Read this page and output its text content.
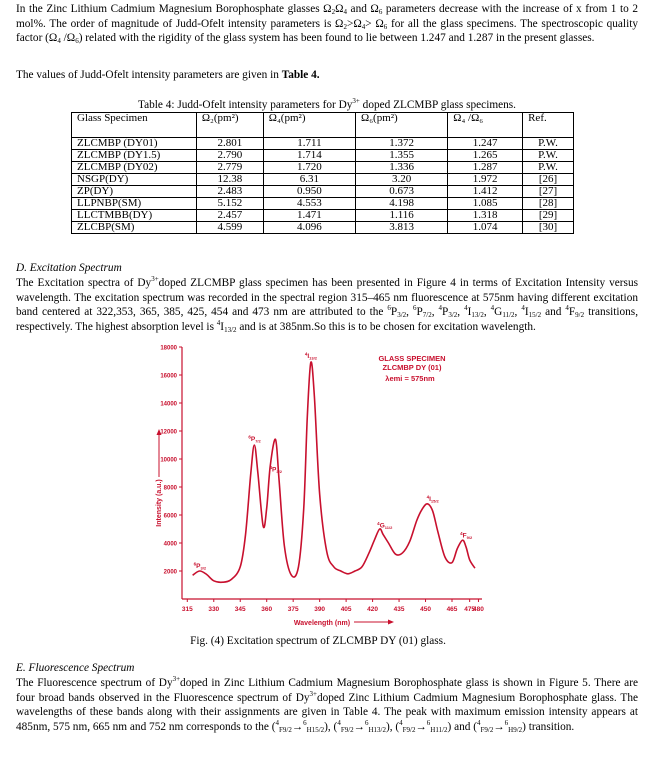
In the Zinc Lithium Cadmium Magnesium Borophosphate glasses $\Omega_2\Omega_4$ and $\Omega_6$ parameters decrease with the increase of x from 1 to 2 mol%. The order of magnitude of Judd-Ofelt intensity parameters is $\Omega_2>\Omega_4> \Omega_6$ for all the glass specimens. The spectroscopic quality factor ($\Omega_4$ $/\Omega_6$) related with the rigidity of the glass system has been found to lie between 1.247 and 1.287 in the present glasses.

The values of Judd-Ofelt intensity parameters are given in Table 4.

Table 4: Judd-Ofelt intensity parameters for $Dy^{3+}$ doped ZLCMBP glass specimens.

Glass Specimen	Ω₂(pm²)	Ω₄(pm²)	Ω₆(pm²)	Ω₄ /Ω₆	Ref.
ZLCMBP (DY01)	2.801	1.711	1.372	1.247	P.W.
ZLCMBP (DY1.5)	2.790	1.714	1.355	1.265	P.W.
ZLCMBP (DY02)	2.779	1.720	1.336	1.287	P.W.
NSGP(DY)	12.38	6.31	3.20	1.972	[26]
ZP(DY)	2.483	0.950	0.673	1.412	[27]
LLPNBP(SM)	5.152	4.553	4.198	1.085	[28]
LLCTMBB(DY)	2.457	1.471	1.116	1.318	[29]
ZLCBP(SM)	4.599	4.096	3.813	1.074	[30]

D. Excitation Spectrum

The Excitation spectra of $Dy^{3+}doped$ ZLCMBP glass specimen has been presented in Figure 4 in terms of Excitation Intensity versus wavelength. The excitation spectrum was recorded in the spectral region 315–465 nm fluorescence at 575nm having different excitation band centered at 322,353, 365, 385, 425, 454 and 473 nm are attributed to the $^6P_{3/2}$, $^6P_{7/2}$, $^4P_{3/2}$, $^4I_{13/2}$, $^4G_{11/2}$, $^4I_{15/2}$ and $^4F_{9/2}$ transitions, respectively. The highest absorption level is $^4I_{13/2}$ and is at 385nm.So this is to be chosen for excitation wavelength.

2000
4000
6000
8000
10000
12000
14000
16000
18000
315 330 345 360 375 390 405 420 435 450 465 475
480
Wavelength (nm)
Intensity (a.u.)
$^6P_{3/2}$
$^6P_{7/2}$
$^4P_{3/2}$
$^4I_{13/2}$
$^4G_{11/2}$
$^4I_{15/2}$
$^4F_{9/2}$
GLASS SPECIMEN
ZLCMBP DY (01)
λemi = 575nm

Fig. (4) Excitation spectrum of ZLCMBP DY (01) glass.

E. Fluorescence Spectrum

The Fluorescence spectrum of $Dy^{3+}doped$ in Zinc Lithium Cadmium Magnesium Borophosphate glass is shown in Figure 5. There are four broad bands observed in the Fluorescence spectrum of $Dy^{3+}doped$ Zinc Lithium Cadmium Magnesium Borophosphate glass. The wavelengths of these bands along with their assignments are given in Table 4. The peak with maximum emission intensity appears at 485nm, 575 nm, 665 nm and 752 nm corresponds to the ($^4_{F9/2}$→$^6_{H15/2}$), ($^4_{F9/2}$→$^6_{H13/2}$), ($^4_{F9/2}$→$^6_{H11/2}$) and ($^4_{F9/2}$→$^6_{H9/2}$) transition.
